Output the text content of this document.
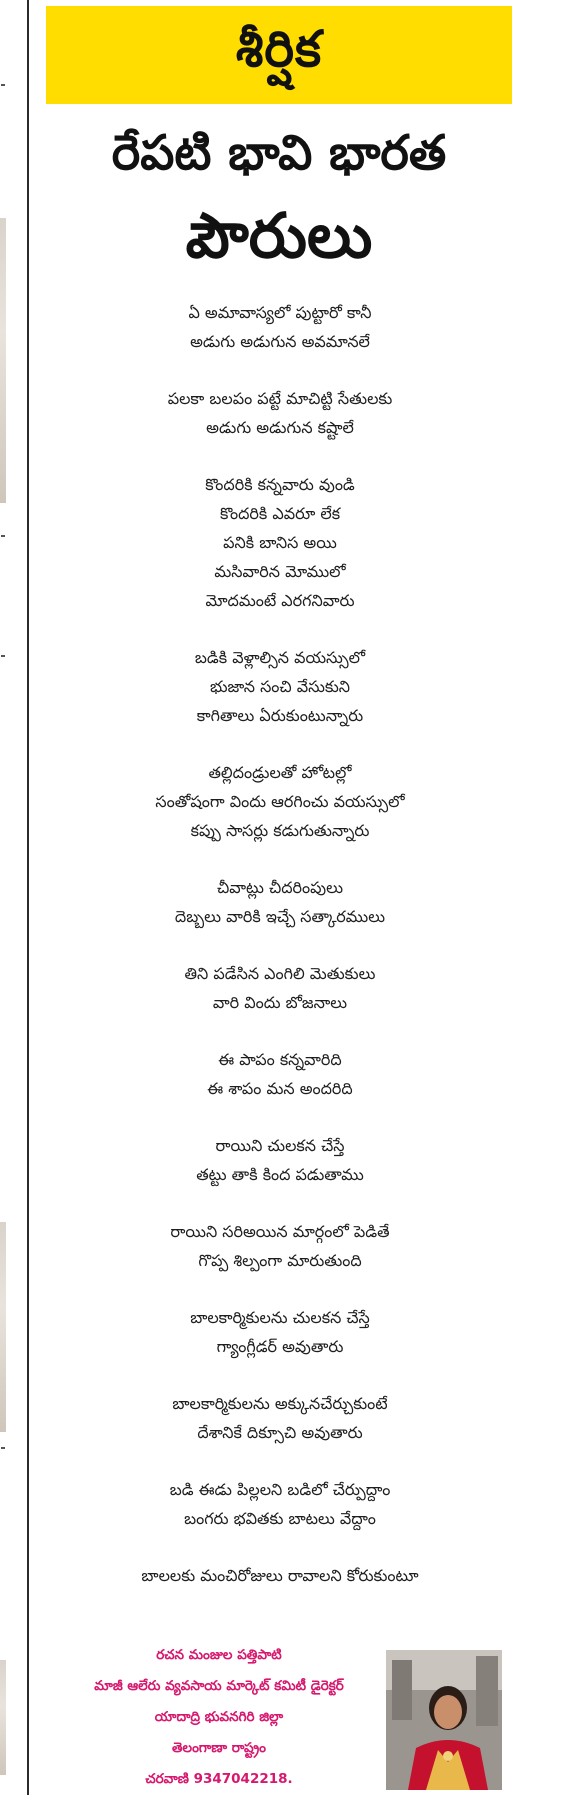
శీర్షిక
రేపటి భావి భారత
పౌరులు

ఏ అమావాస్యలో పుట్టారో కానీ
అడుగు అడుగున అవమానలే

పలకా బలపం పట్టే మాచిట్టి సేతులకు
అడుగు అడుగున కష్టాలే

కొందరికి కన్నవారు వుండి
కొందరికి ఎవరూ లేక
పనికి బానిస అయి
మసివారిన మోములో
మోదమంటే ఎరగనివారు

బడికి వెళ్లాల్సిన వయస్సులో
భుజాన సంచి వేసుకుని
కాగితాలు ఏరుకుంటున్నారు

తల్లిదండ్రులతో హోటల్లో
సంతోషంగా విందు ఆరగించు వయస్సులో
కప్పు సాసర్లు కడుగుతున్నారు

చీవాట్లు చీదరింపులు
దెబ్బలు వారికి ఇచ్చే సత్కారములు

తిని పడేసిన ఎంగిలి మెతుకులు
వారి విందు బోజనాలు

ఈ పాపం కన్నవారిది
ఈ శాపం మన అందరిది

రాయిని చులకన చేస్తే
తట్టు తాకి కింద పడుతాము

రాయిని సరిఅయిన మార్గంలో పెడితే
గొప్ప శిల్పంగా మారుతుంది

బాలకార్మికులను చులకన చేస్తే
గ్యాంగ్లీడర్ అవుతారు

బాలకార్మికులను అక్కునచేర్చుకుంటే
దేశానికే దిక్సూచి అవుతారు

బడి ఈడు పిల్లలని బడిలో చేర్పుద్దాం
బంగరు భవితకు బాటలు వేద్దాం

బాలలకు మంచిరోజులు రావాలని కోరుకుంటూ

రచన మంజుల పత్తిపాటి
మాజీ ఆలేరు వ్యవసాయ మార్కెట్ కమిటీ డైరెక్టర్
యాదాద్రి భువనగిరి జిల్లా
తెలంగాణా రాష్ట్రం
చరవాణి 9347042218.
